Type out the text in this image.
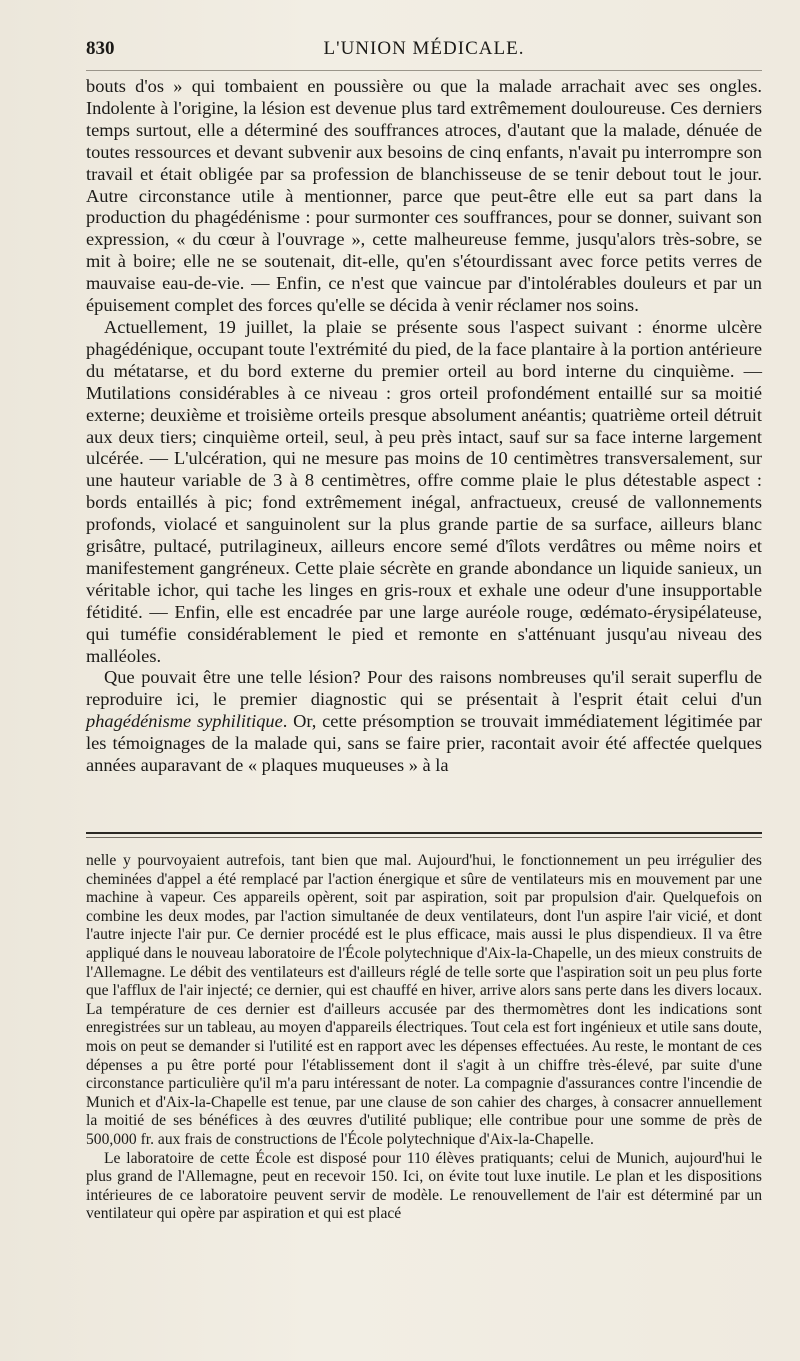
830	L'UNION MÉDICALE.

bouts d'os » qui tombaient en poussière ou que la malade arrachait avec ses ongles. Indolente à l'origine, la lésion est devenue plus tard extrêmement douloureuse. Ces derniers temps surtout, elle a déterminé des souffrances atroces, d'autant que la malade, dénuée de toutes ressources et devant subvenir aux besoins de cinq enfants, n'avait pu interrompre son travail et était obligée par sa profession de blanchisseuse de se tenir debout tout le jour. Autre circonstance utile à mentionner, parce que peut-être elle eut sa part dans la production du phagédénisme : pour surmonter ces souffrances, pour se donner, suivant son expression, « du cœur à l'ouvrage », cette malheureuse femme, jusqu'alors très-sobre, se mit à boire; elle ne se soutenait, dit-elle, qu'en s'étourdissant avec force petits verres de mauvaise eau-de-vie. — Enfin, ce n'est que vaincue par d'intolérables douleurs et par un épuisement complet des forces qu'elle se décida à venir réclamer nos soins.

Actuellement, 19 juillet, la plaie se présente sous l'aspect suivant : énorme ulcère phagédénique, occupant toute l'extrémité du pied, de la face plantaire à la portion antérieure du métatarse, et du bord externe du premier orteil au bord interne du cinquième. — Mutilations considérables à ce niveau : gros orteil profondément entaillé sur sa moitié externe; deuxième et troisième orteils presque absolument anéantis; quatrième orteil détruit aux deux tiers; cinquième orteil, seul, à peu près intact, sauf sur sa face interne largement ulcérée. — L'ulcération, qui ne mesure pas moins de 10 centimètres transversalement, sur une hauteur variable de 3 à 8 centimètres, offre comme plaie le plus détestable aspect : bords entaillés à pic; fond extrêmement inégal, anfractueux, creusé de vallonnements profonds, violacé et sanguinolent sur la plus grande partie de sa surface, ailleurs blanc grisâtre, pultacé, putrilagineux, ailleurs encore semé d'îlots verdâtres ou même noirs et manifestement gangréneux. Cette plaie sécrète en grande abondance un liquide sanieux, un véritable ichor, qui tache les linges en gris-roux et exhale une odeur d'une insupportable fétidité. — Enfin, elle est encadrée par une large auréole rouge, œdémato-érysipélateuse, qui tuméfie considérablement le pied et remonte en s'atténuant jusqu'au niveau des malléoles.

Que pouvait être une telle lésion? Pour des raisons nombreuses qu'il serait superflu de reproduire ici, le premier diagnostic qui se présentait à l'esprit était celui d'un phagédénisme syphilitique. Or, cette présomption se trouvait immédiatement légitimée par les témoignages de la malade qui, sans se faire prier, racontait avoir été affectée quelques années auparavant de « plaques muqueuses » à la

nelle y pourvoyaient autrefois, tant bien que mal. Aujourd'hui, le fonctionnement un peu irrégulier des cheminées d'appel a été remplacé par l'action énergique et sûre de ventilateurs mis en mouvement par une machine à vapeur. Ces appareils opèrent, soit par aspiration, soit par propulsion d'air. Quelquefois on combine les deux modes, par l'action simultanée de deux ventilateurs, dont l'un aspire l'air vicié, et dont l'autre injecte l'air pur. Ce dernier procédé est le plus efficace, mais aussi le plus dispendieux. Il va être appliqué dans le nouveau laboratoire de l'École polytechnique d'Aix-la-Chapelle, un des mieux construits de l'Allemagne. Le débit des ventilateurs est d'ailleurs réglé de telle sorte que l'aspiration soit un peu plus forte que l'afflux de l'air injecté; ce dernier, qui est chauffé en hiver, arrive alors sans perte dans les divers locaux. La température de ces dernier est d'ailleurs accusée par des thermomètres dont les indications sont enregistrées sur un tableau, au moyen d'appareils électriques. Tout cela est fort ingénieux et utile sans doute, mois on peut se demander si l'utilité est en rapport avec les dépenses effectuées. Au reste, le montant de ces dépenses a pu être porté pour l'établissement dont il s'agit à un chiffre très-élevé, par suite d'une circonstance particulière qu'il m'a paru intéressant de noter. La compagnie d'assurances contre l'incendie de Munich et d'Aix-la-Chapelle est tenue, par une clause de son cahier des charges, à consacrer annuellement la moitié de ses bénéfices à des œuvres d'utilité publique; elle contribue pour une somme de près de 500,000 fr. aux frais de constructions de l'École polytechnique d'Aix-la-Chapelle.

Le laboratoire de cette École est disposé pour 110 élèves pratiquants; celui de Munich, aujourd'hui le plus grand de l'Allemagne, peut en recevoir 150. Ici, on évite tout luxe inutile. Le plan et les dispositions intérieures de ce laboratoire peuvent servir de modèle. Le renouvellement de l'air est déterminé par un ventilateur qui opère par aspiration et qui est placé
